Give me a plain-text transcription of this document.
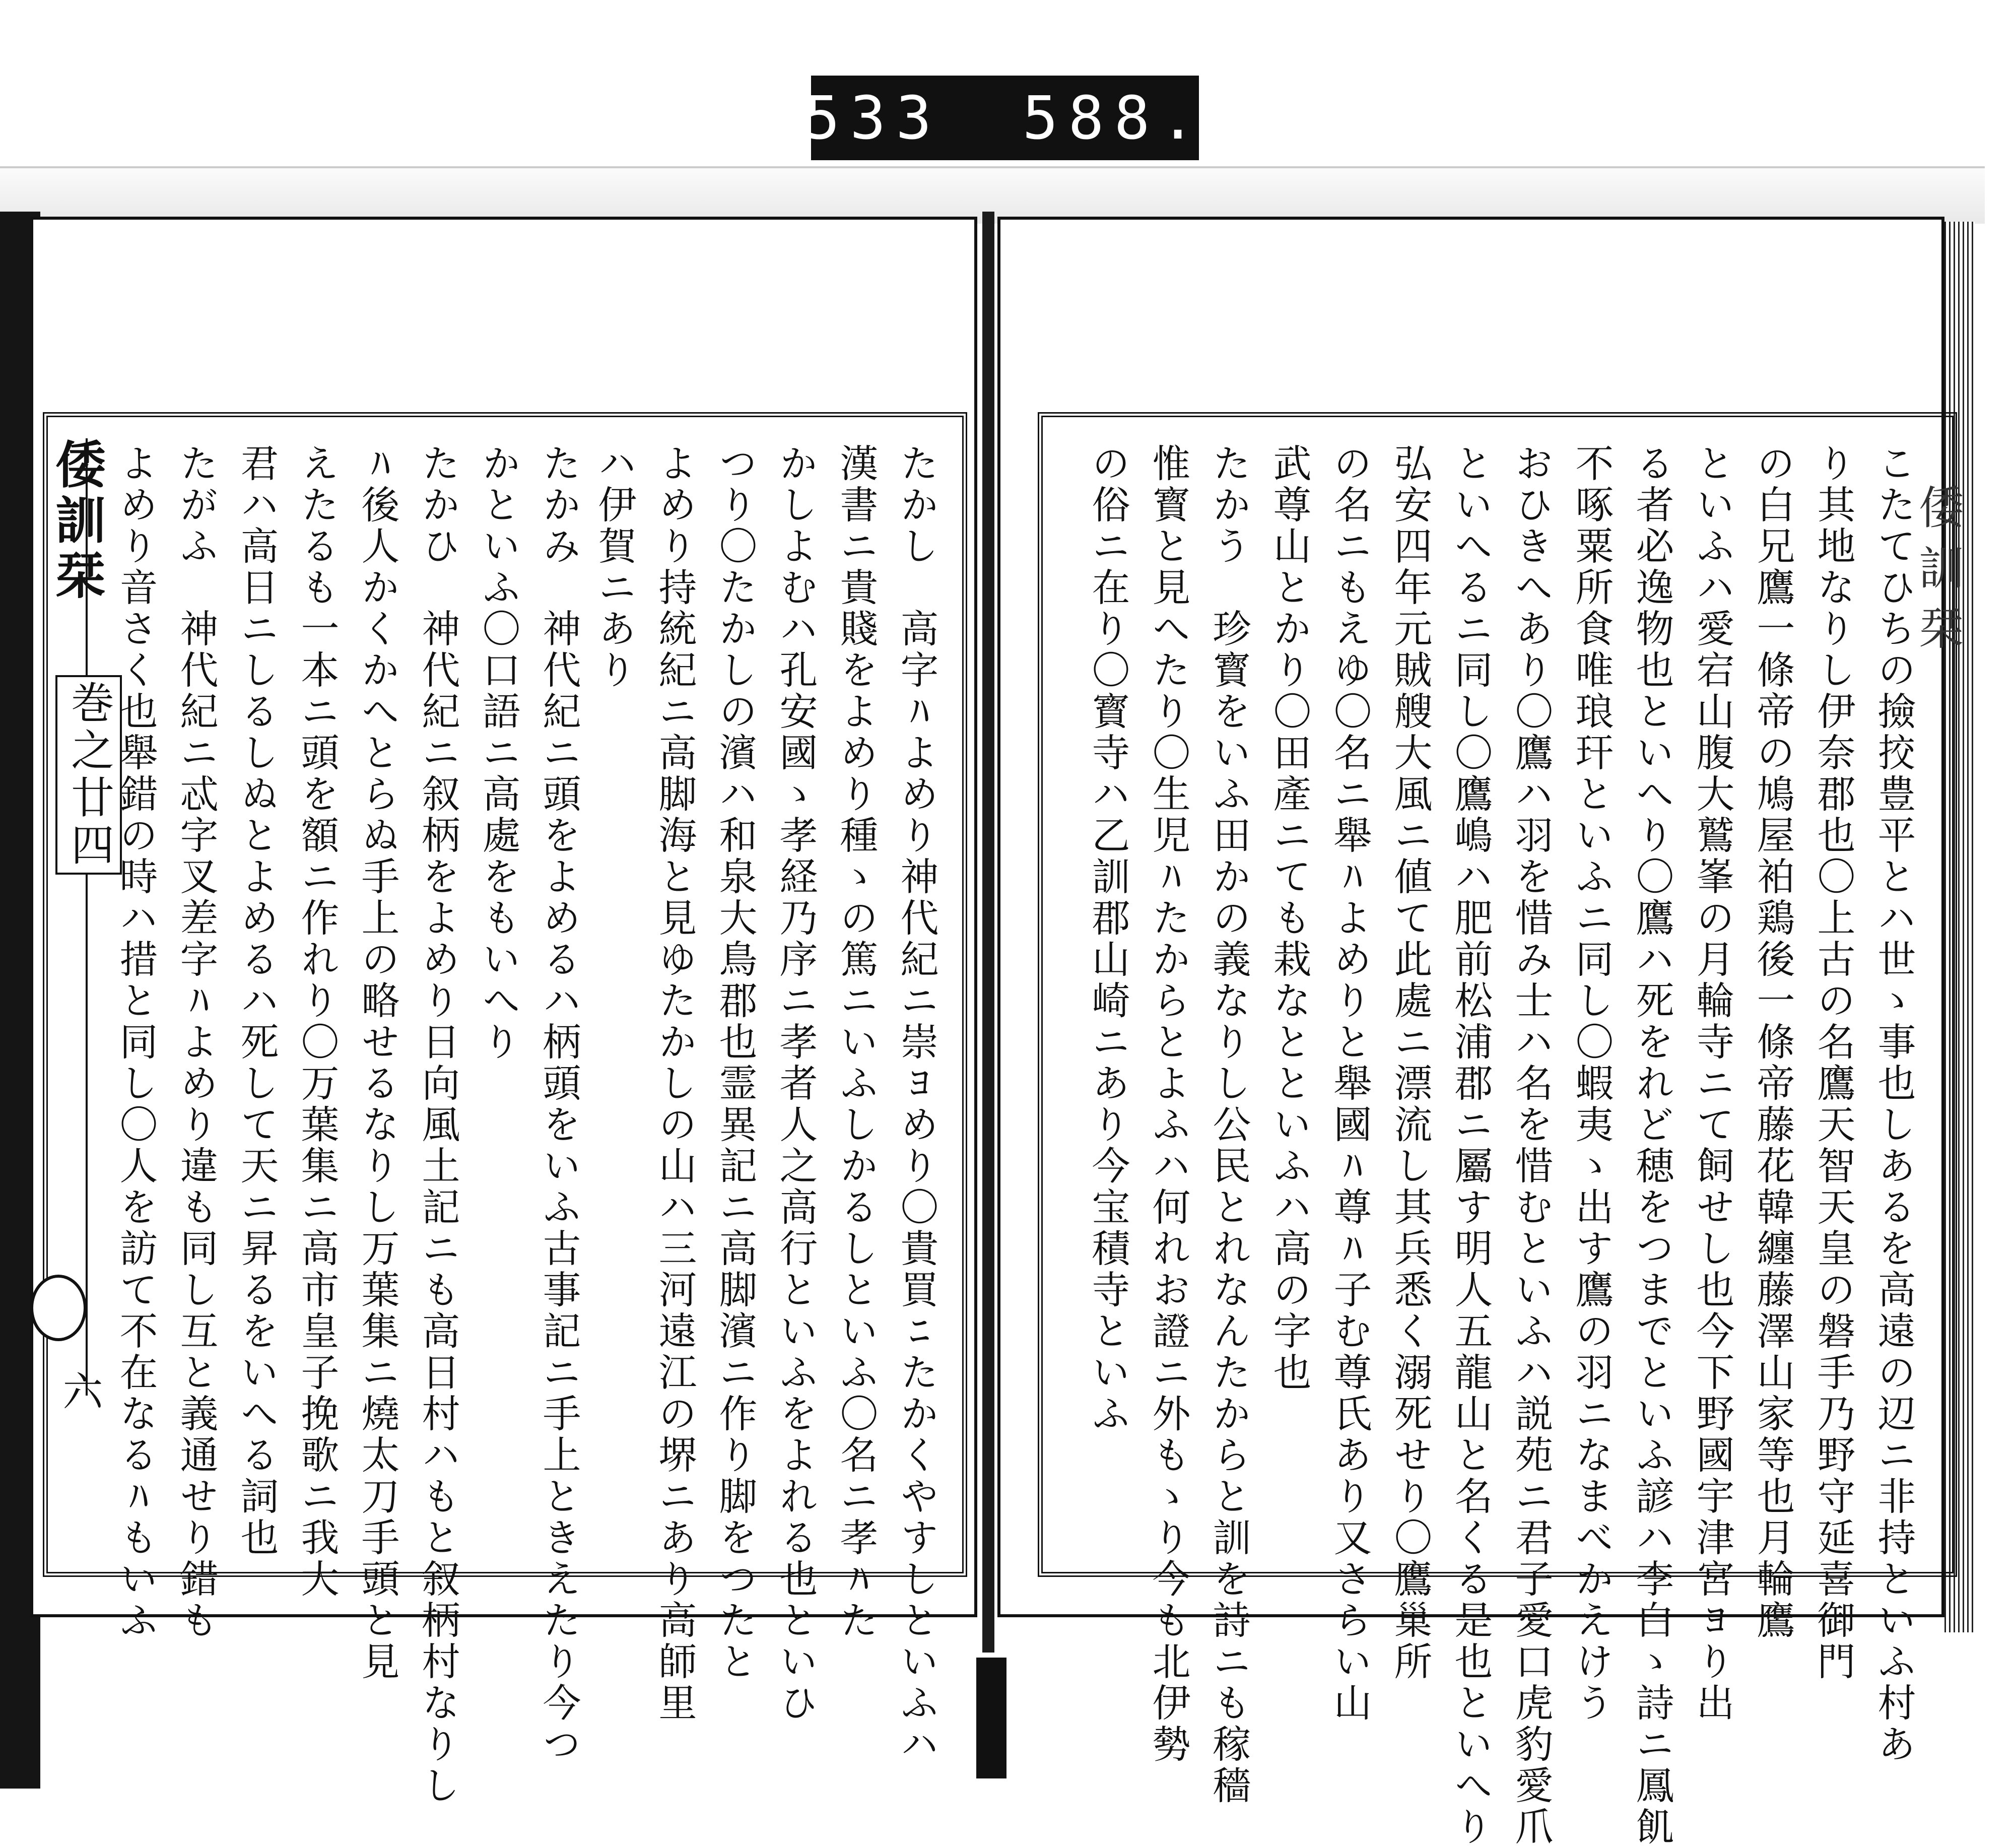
533 588.
倭訓栞
巻之廿四
六
倭訓栞
たかし　高字ﾊよめり神代紀ニ崇ﾖめり〇貴買ﾆたかくやすしといふハ
漢書ニ貴賤をよめり種ゝの篤ニいふしかるしといふ〇名ニ孝ﾊた
かしよむハ孔安國ゝ孝経乃序ニ孝者人之高行といふをよれる也といひ
つり〇たかしの濱ハ和泉大鳥郡也霊異記ニ高脚濱ニ作り脚をつたと
よめり持統紀ニ高脚海と見ゆたかしの山ハ三河遠江の堺ニあり高師里
ハ伊賀ニあり
たかみ　神代紀ニ頭をよめるハ柄頭をいふ古事記ニ手上ときえたり今つ
かといふ〇口語ニ高處をもいへり
たかひ　神代紀ニ叙柄をよめり日向風土記ニも高日村ハもと叙柄村なりし
ﾊ後人かくかへとらぬ手上の略せるなりし万葉集ニ燒太刀手頭と見
えたるも一本ニ頭を額ニ作れり〇万葉集ニ高市皇子挽歌ニ我大
君ハ高日ニしるしぬとよめるハ死して天ニ昇るをいへる詞也
たがふ　神代紀ニ忒字叉差字ﾊよめり違も同し互と義通せり錯も
よめり音さく也舉錯の時ハ措と同し〇人を訪て不在なるﾊもいふ	こたてひちの撿挍豊平とハ世ゝ事也しあるを高遠の辺ニ非持といふ村あ
り其地なりし伊奈郡也〇上古の名鷹天智天皇の磐手乃野守延喜御門
の白兄鷹一條帝の鳩屋袙鶏後一條帝藤花韓纏藤澤山家等也月輪鷹
といふハ愛宕山腹大鷲峯の月輪寺ニて飼せし也今下野國宇津宮ﾖり出
る者必逸物也といへり〇鷹ハ死をれど穂をつまでといふ諺ハ李白ゝ詩ニ鳳飢
不啄粟所食唯琅玕といふニ同し〇蝦夷ゝ出す鷹の羽ニなまべかえけう
おひきへあり〇鷹ハ羽を惜み士ハ名を惜むといふハ説苑ニ君子愛口虎豹愛爪
といへるニ同し〇鷹嶋ハ肥前松浦郡ニ屬す明人五龍山と名くる是也といへり
弘安四年元賊艘大風ニ値て此處ニ漂流し其兵悉く溺死せり〇鷹巢所
の名ニもえゆ〇名ニ舉ﾊよめりと舉國ﾊ尊ﾊ子む尊氏あり又さらい山
武尊山とかり〇田產ニても栽なとといふハ高の字也
たかう　珍寳をいふ田かの義なりし公民とれなんたからと訓を詩ニも稼穡
惟寳と見へたり〇生児ﾊたからとよふハ何れお證ニ外もゝり今も北伊勢
の俗ニ在り〇寳寺ハ乙訓郡山崎ニあり今宝積寺といふ
